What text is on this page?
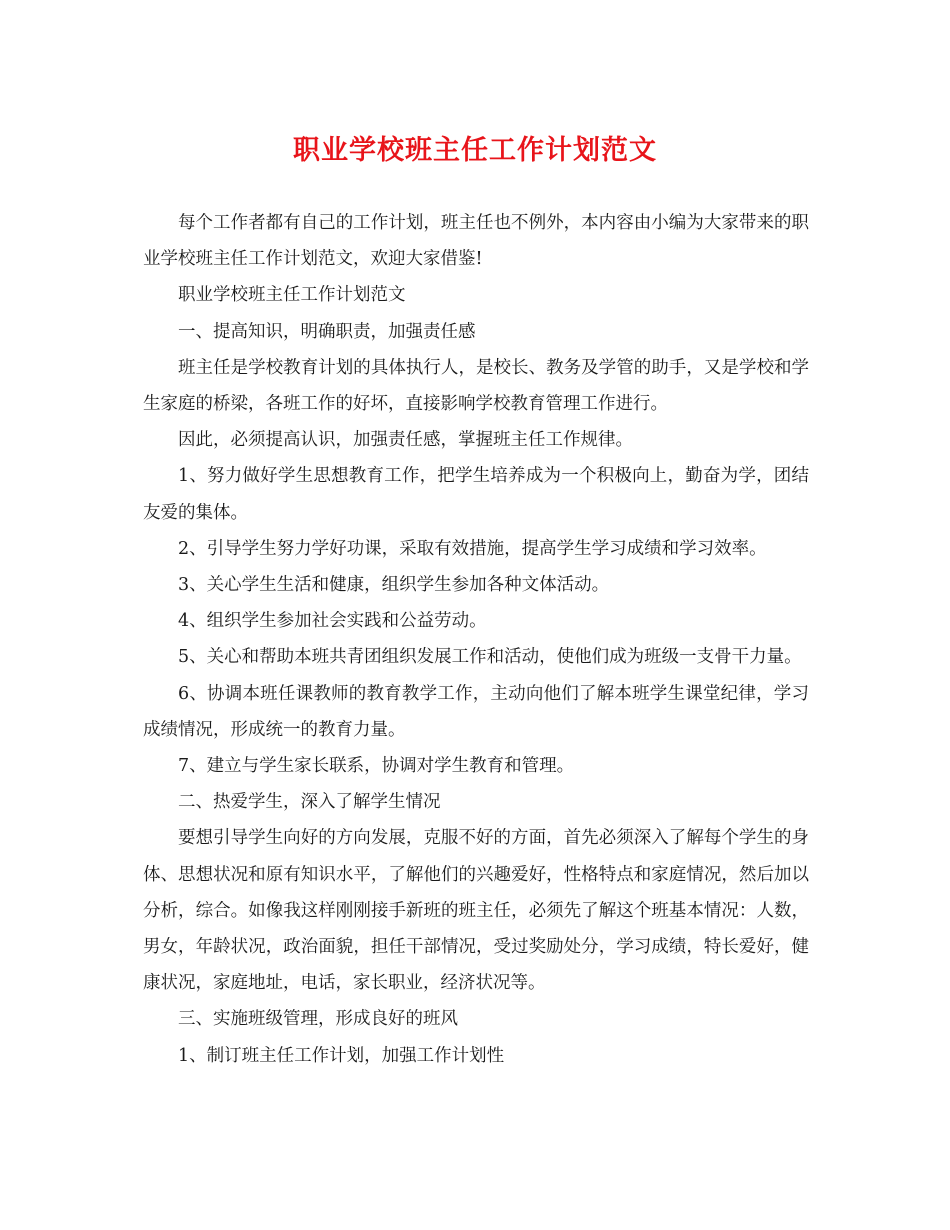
职业学校班主任工作计划范文

每个工作者都有自己的工作计划，班主任也不例外，本内容由小编为大家带来的职业学校班主任工作计划范文，欢迎大家借鉴!

职业学校班主任工作计划范文

一、提高知识，明确职责，加强责任感

班主任是学校教育计划的具体执行人，是校长、教务及学管的助手，又是学校和学生家庭的桥梁，各班工作的好坏，直接影响学校教育管理工作进行。

因此，必须提高认识，加强责任感，掌握班主任工作规律。

1、努力做好学生思想教育工作，把学生培养成为一个积极向上，勤奋为学，团结友爱的集体。

2、引导学生努力学好功课，采取有效措施，提高学生学习成绩和学习效率。

3、关心学生生活和健康，组织学生参加各种文体活动。

4、组织学生参加社会实践和公益劳动。

5、关心和帮助本班共青团组织发展工作和活动，使他们成为班级一支骨干力量。

6、协调本班任课教师的教育教学工作，主动向他们了解本班学生课堂纪律，学习成绩情况，形成统一的教育力量。

7、建立与学生家长联系，协调对学生教育和管理。

二、热爱学生，深入了解学生情况

要想引导学生向好的方向发展，克服不好的方面，首先必须深入了解每个学生的身体、思想状况和原有知识水平，了解他们的兴趣爱好，性格特点和家庭情况，然后加以分析，综合。如像我这样刚刚接手新班的班主任，必须先了解这个班基本情况：人数，男女，年龄状况，政治面貌，担任干部情况，受过奖励处分，学习成绩，特长爱好，健康状况，家庭地址，电话，家长职业，经济状况等。

三、实施班级管理，形成良好的班风

1、制订班主任工作计划，加强工作计划性
